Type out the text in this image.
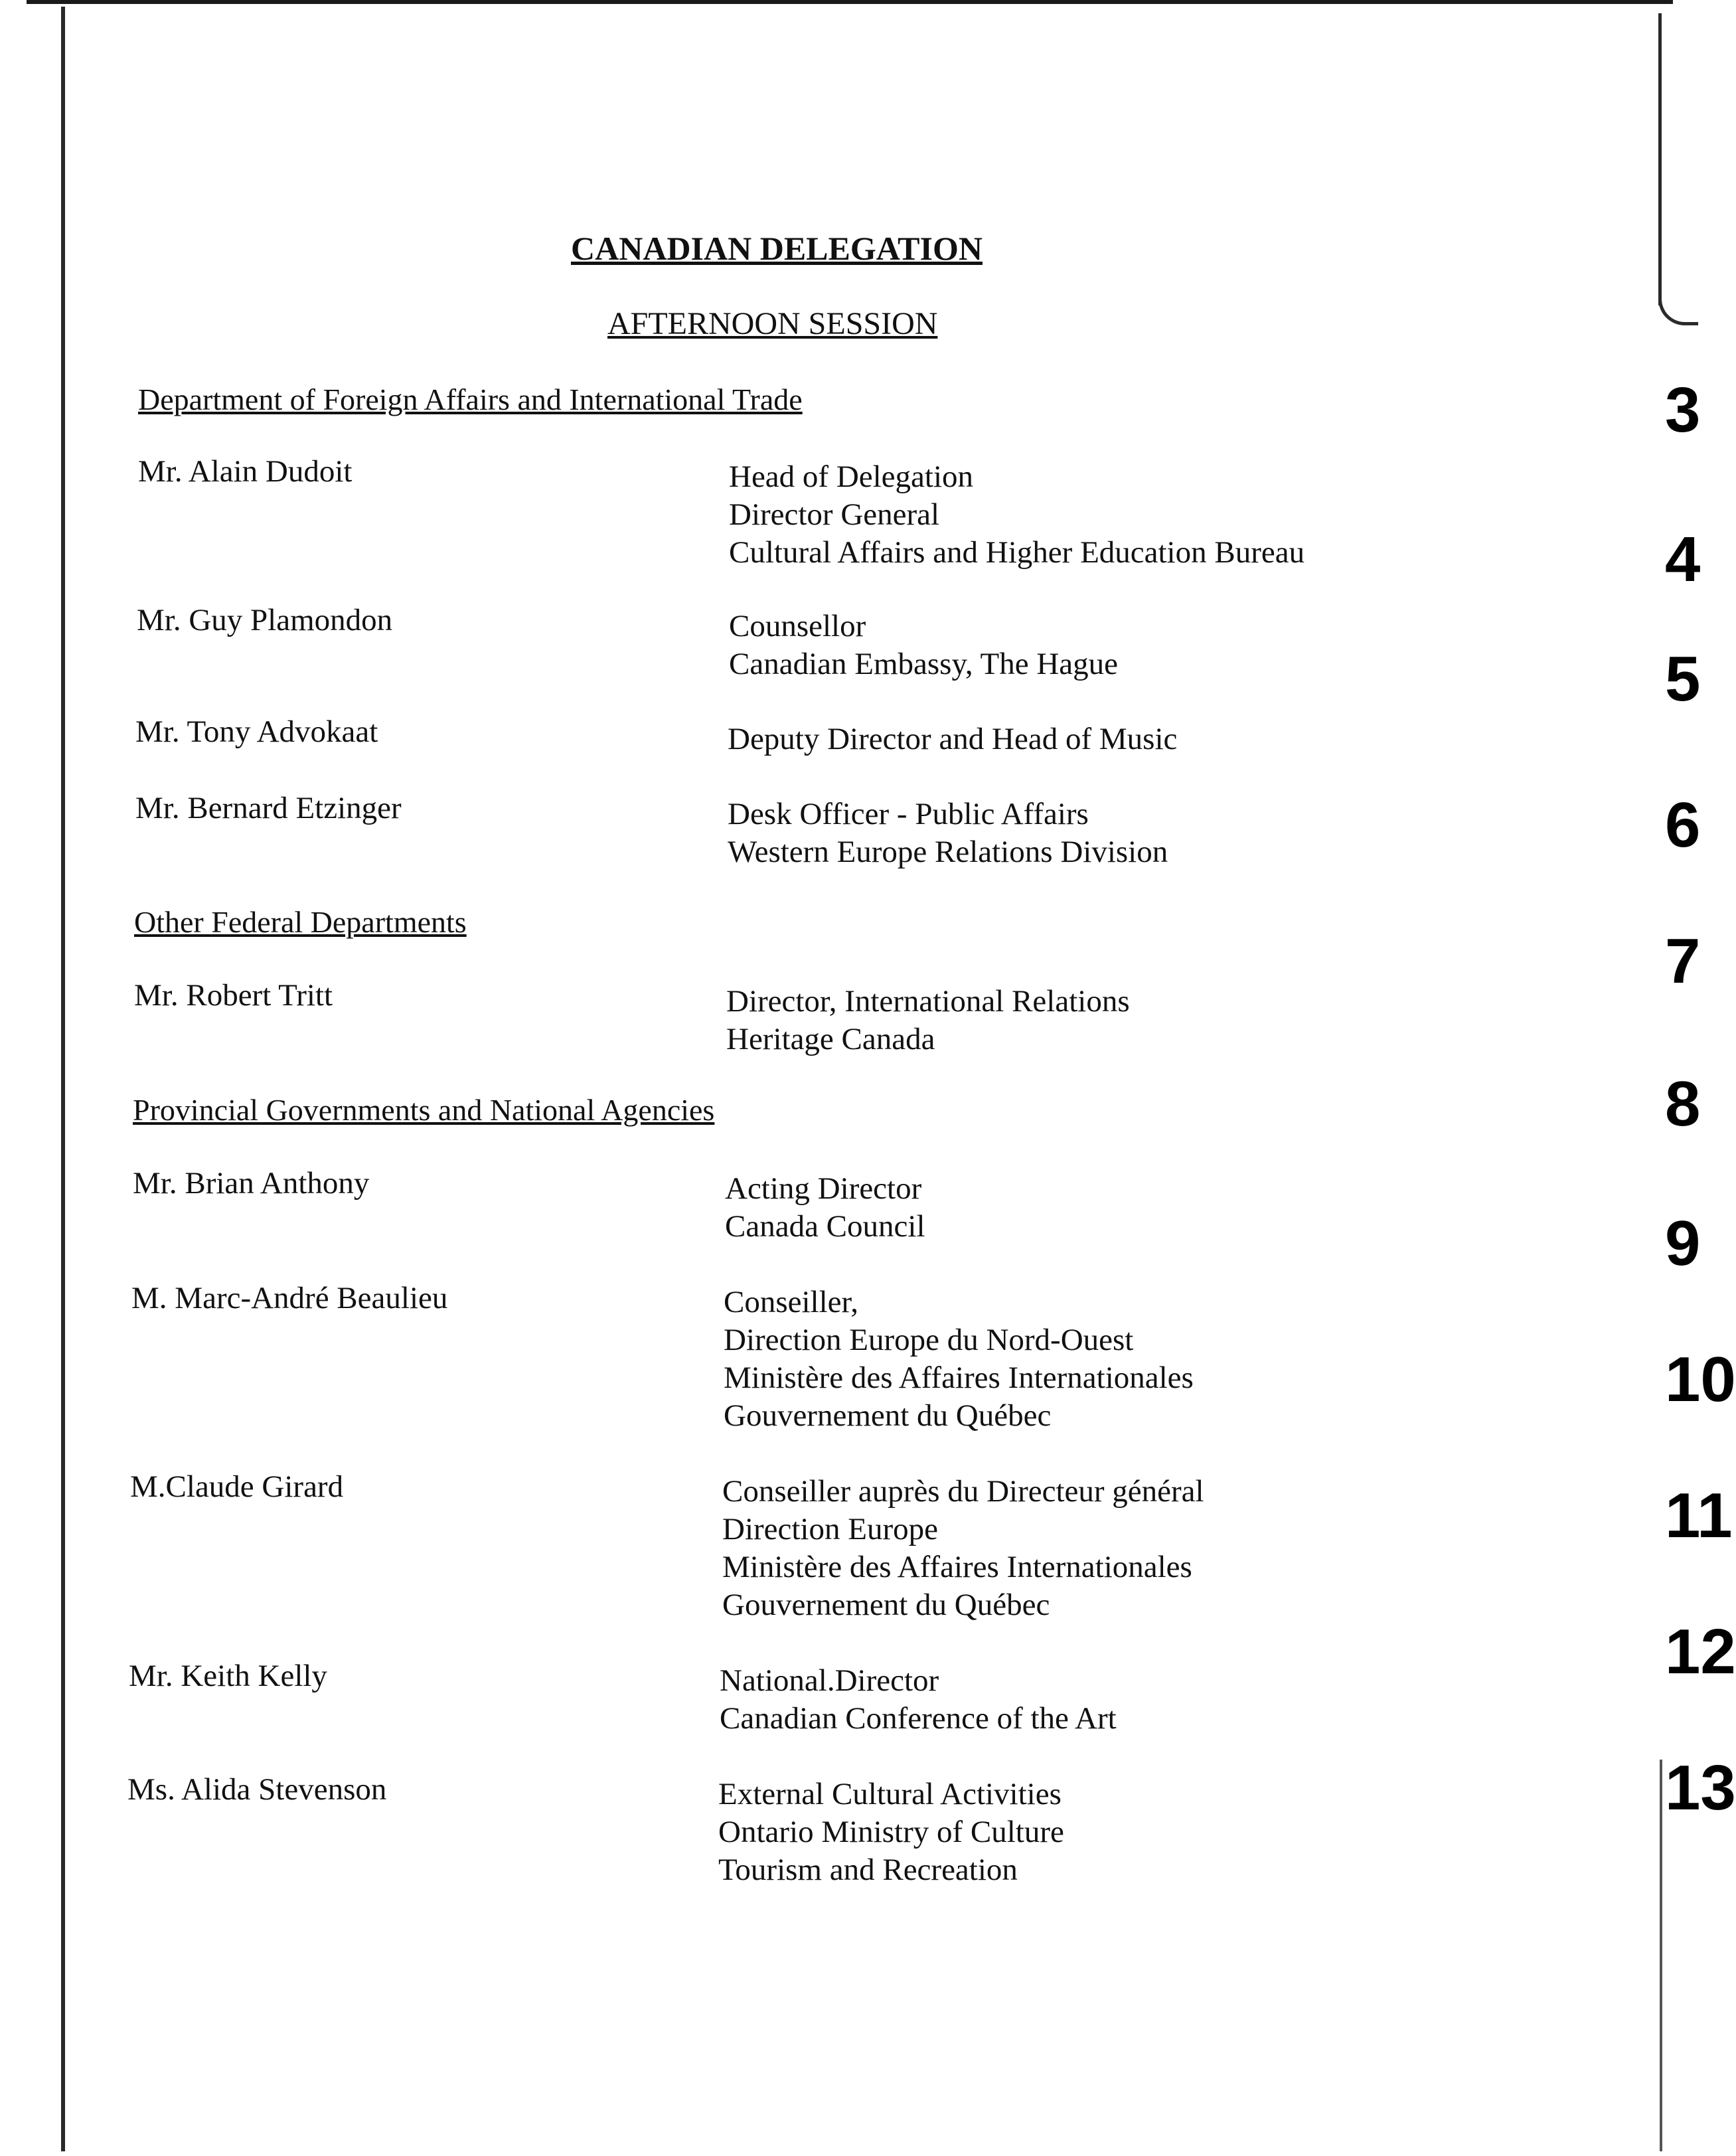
3
4
5
6
7
8
9
10
11
12
13
CANADIAN DELEGATION
AFTERNOON SESSION
Department of Foreign Affairs and International Trade
Mr. Alain Dudoit	Head of Delegation
Director General
Cultural Affairs and Higher Education Bureau
Mr. Guy Plamondon	Counsellor
Canadian Embassy, The Hague
Mr. Tony Advokaat	Deputy Director and Head of Music
Mr. Bernard Etzinger	Desk Officer - Public Affairs
Western Europe Relations Division
Other Federal Departments
Mr. Robert Tritt	Director, International Relations
Heritage Canada
Provincial Governments and National Agencies
Mr. Brian Anthony	Acting Director
Canada Council
M. Marc-André Beaulieu	Conseiller,
Direction Europe du Nord-Ouest
Ministère des Affaires Internationales
Gouvernement du Québec
M.Claude Girard	Conseiller auprès du Directeur général
Direction Europe
Ministère des Affaires Internationales
Gouvernement du Québec
Mr. Keith Kelly	National.Director
Canadian Conference of the Art
Ms. Alida Stevenson	External Cultural Activities
Ontario Ministry of Culture
Tourism and Recreation
